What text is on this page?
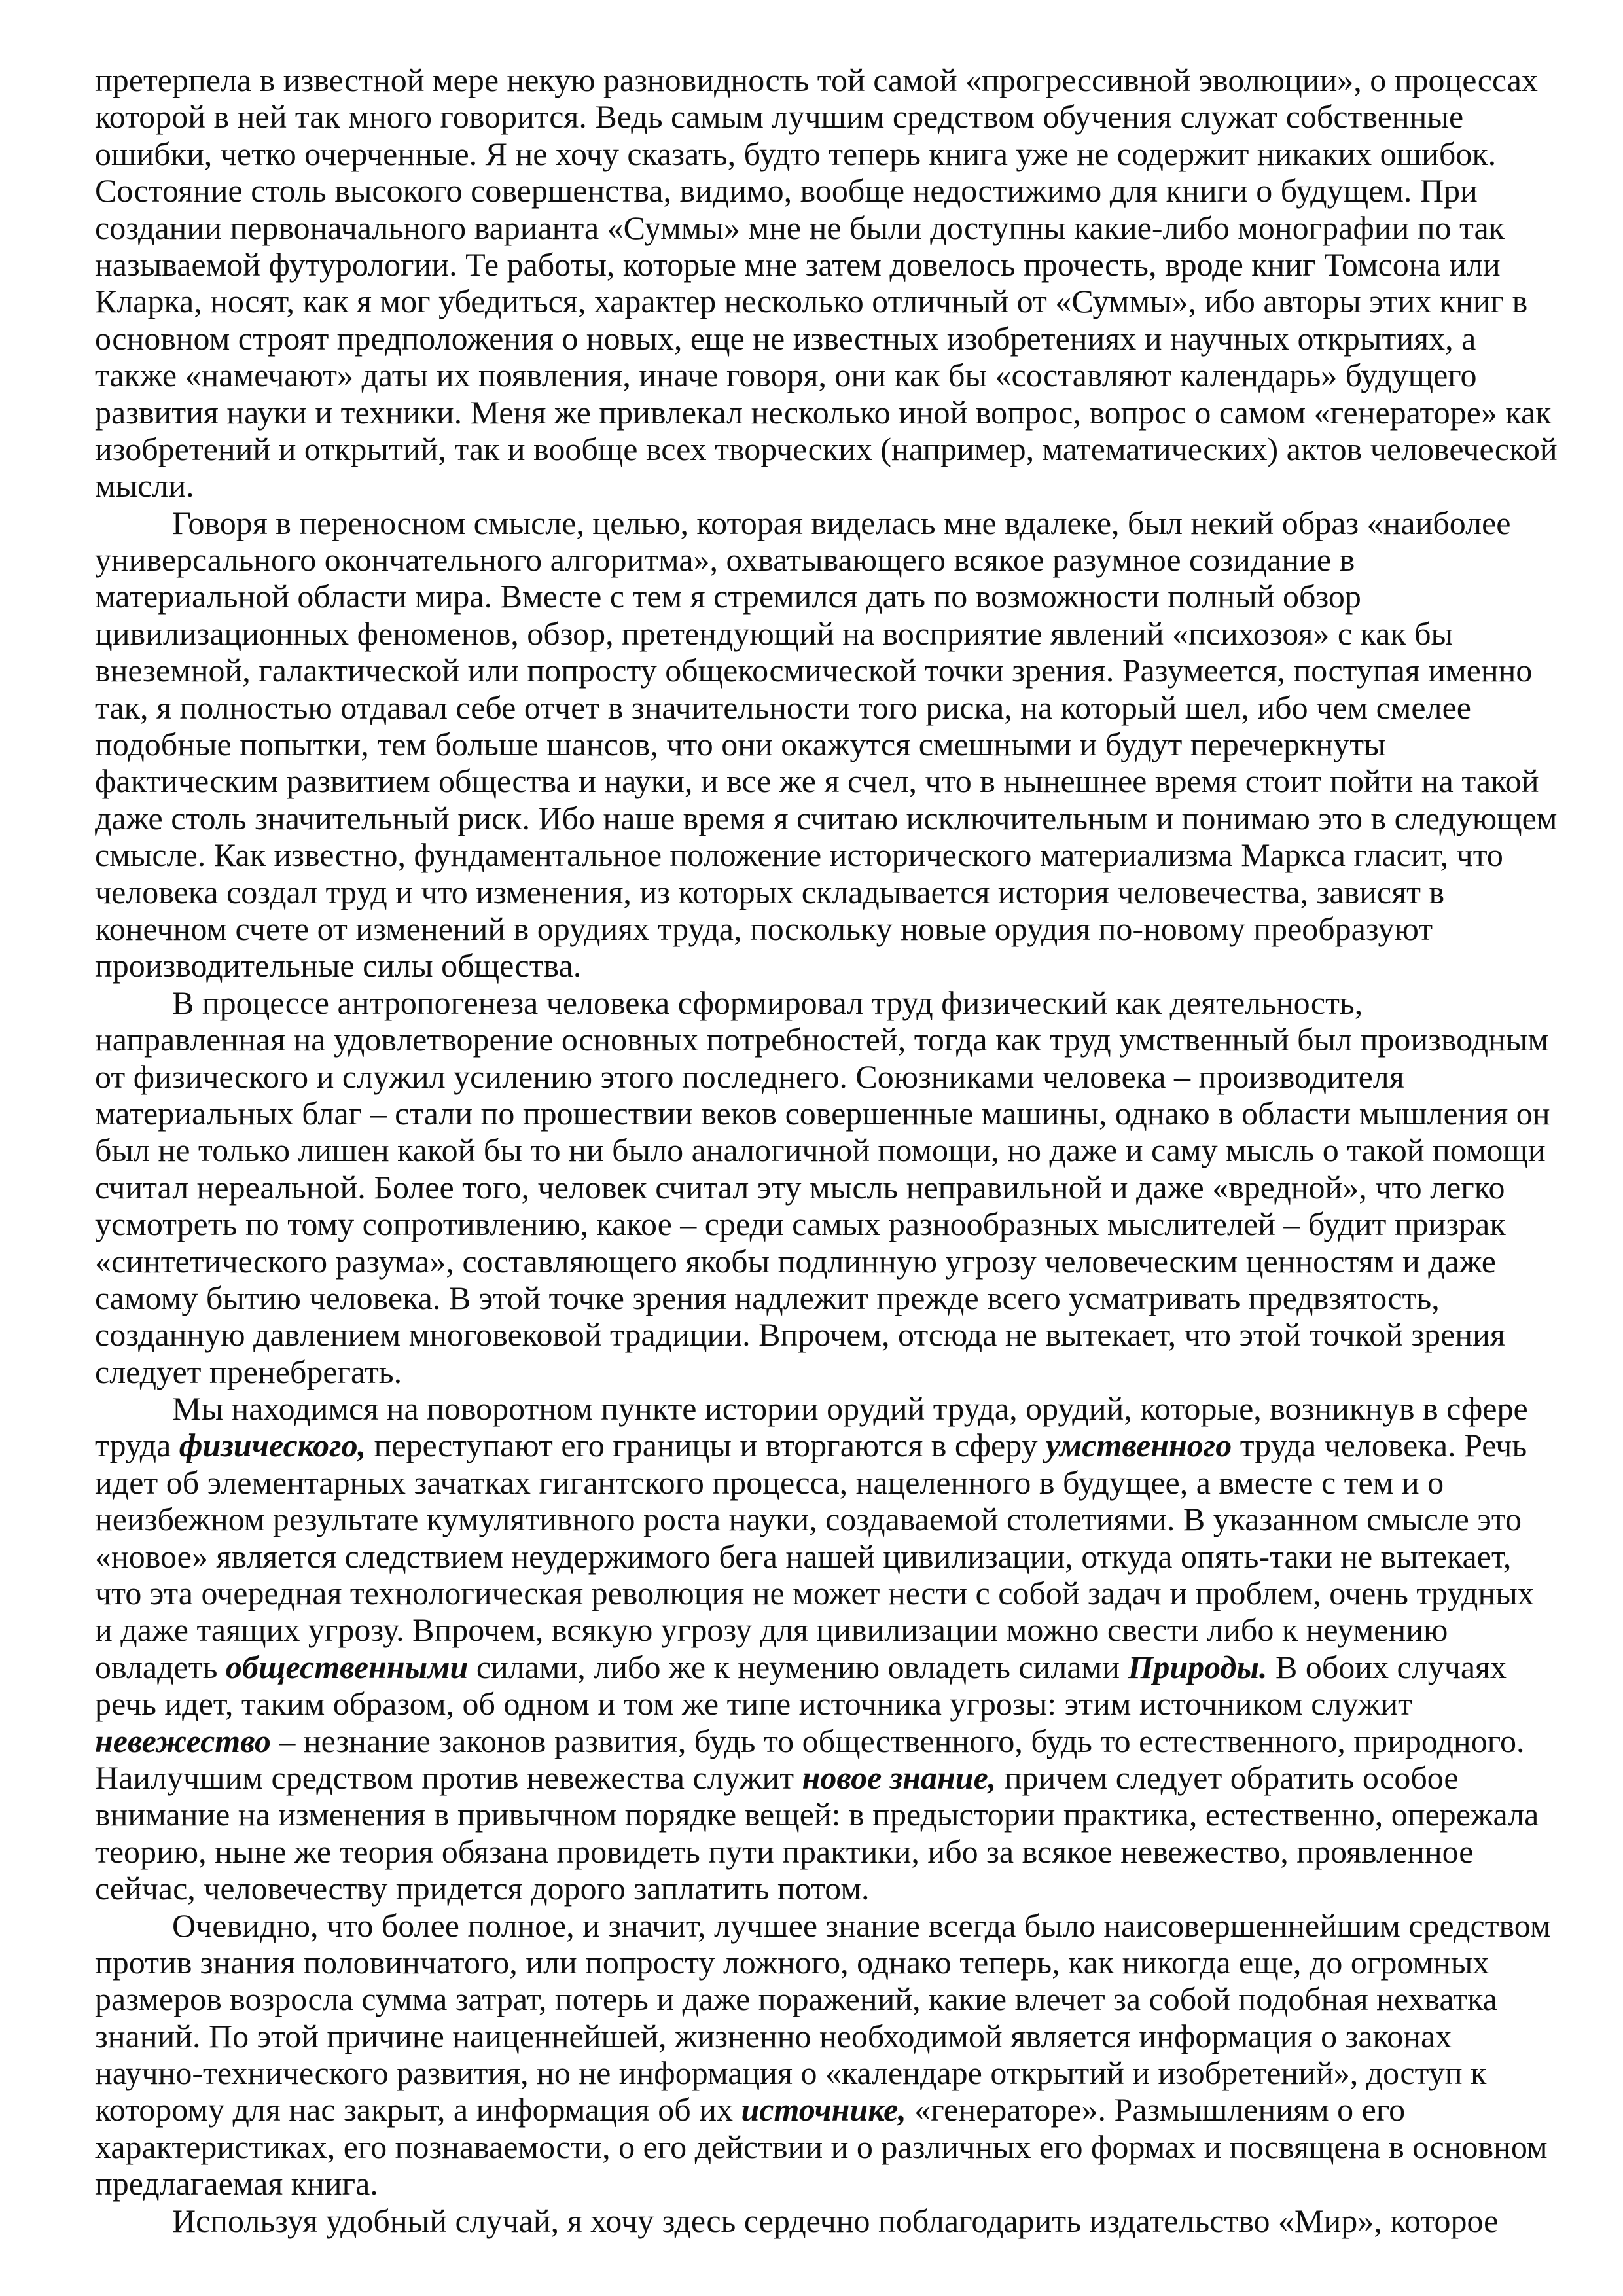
претерпела в известной мере некую разновидность той самой «прогрессивной эволюции», о процессах
которой в ней так много говорится. Ведь самым лучшим средством обучения служат собственные
ошибки, четко очерченные. Я не хочу сказать, будто теперь книга уже не содержит никаких ошибок.
Состояние столь высокого совершенства, видимо, вообще недостижимо для книги о будущем. При
создании первоначального варианта «Суммы» мне не были доступны какие-либо монографии по так
называемой футурологии. Те работы, которые мне затем довелось прочесть, вроде книг Томсона или
Кларка, носят, как я мог убедиться, характер несколько отличный от «Суммы», ибо авторы этих книг в
основном строят предположения о новых, еще не известных изобретениях и научных открытиях, а
также «намечают» даты их появления, иначе говоря, они как бы «составляют календарь» будущего
развития науки и техники. Меня же привлекал несколько иной вопрос, вопрос о самом «генераторе» как
изобретений и открытий, так и вообще всех творческих (например, математических) актов человеческой
мысли.
Говоря в переносном смысле, целью, которая виделась мне вдалеке, был некий образ «наиболее
универсального окончательного алгоритма», охватывающего всякое разумное созидание в
материальной области мира. Вместе с тем я стремился дать по возможности полный обзор
цивилизационных феноменов, обзор, претендующий на восприятие явлений «психозоя» с как бы
внеземной, галактической или попросту общекосмической точки зрения. Разумеется, поступая именно
так, я полностью отдавал себе отчет в значительности того риска, на который шел, ибо чем смелее
подобные попытки, тем больше шансов, что они окажутся смешными и будут перечеркнуты
фактическим развитием общества и науки, и все же я счел, что в нынешнее время стоит пойти на такой
даже столь значительный риск. Ибо наше время я считаю исключительным и понимаю это в следующем
смысле. Как известно, фундаментальное положение исторического материализма Маркса гласит, что
человека создал труд и что изменения, из которых складывается история человечества, зависят в
конечном счете от изменений в орудиях труда, поскольку новые орудия по-новому преобразуют
производительные силы общества.
В процессе антропогенеза человека сформировал труд физический как деятельность,
направленная на удовлетворение основных потребностей, тогда как труд умственный был производным
от физического и служил усилению этого последнего. Союзниками человека – производителя
материальных благ – стали по прошествии веков совершенные машины, однако в области мышления он
был не только лишен какой бы то ни было аналогичной помощи, но даже и саму мысль о такой помощи
считал нереальной. Более того, человек считал эту мысль неправильной и даже «вредной», что легко
усмотреть по тому сопротивлению, какое – среди самых разнообразных мыслителей – будит призрак
«синтетического разума», составляющего якобы подлинную угрозу человеческим ценностям и даже
самому бытию человека. В этой точке зрения надлежит прежде всего усматривать предвзятость,
созданную давлением многовековой традиции. Впрочем, отсюда не вытекает, что этой точкой зрения
следует пренебрегать.
Мы находимся на поворотном пункте истории орудий труда, орудий, которые, возникнув в сфере
труда физического, переступают его границы и вторгаются в сферу умственного труда человека. Речь
идет об элементарных зачатках гигантского процесса, нацеленного в будущее, а вместе с тем и о
неизбежном результате кумулятивного роста науки, создаваемой столетиями. В указанном смысле это
«новое» является следствием неудержимого бега нашей цивилизации, откуда опять-таки не вытекает,
что эта очередная технологическая революция не может нести с собой задач и проблем, очень трудных
и даже таящих угрозу. Впрочем, всякую угрозу для цивилизации можно свести либо к неумению
овладеть общественными силами, либо же к неумению овладеть силами Природы. В обоих случаях
речь идет, таким образом, об одном и том же типе источника угрозы: этим источником служит
невежество – незнание законов развития, будь то общественного, будь то естественного, природного.
Наилучшим средством против невежества служит новое знание, причем следует обратить особое
внимание на изменения в привычном порядке вещей: в предыстории практика, естественно, опережала
теорию, ныне же теория обязана провидеть пути практики, ибо за всякое невежество, проявленное
сейчас, человечеству придется дорого заплатить потом.
Очевидно, что более полное, и значит, лучшее знание всегда было наисовершеннейшим средством
против знания половинчатого, или попросту ложного, однако теперь, как никогда еще, до огромных
размеров возросла сумма затрат, потерь и даже поражений, какие влечет за собой подобная нехватка
знаний. По этой причине наиценнейшей, жизненно необходимой является информация о законах
научно-технического развития, но не информация о «календаре открытий и изобретений», доступ к
которому для нас закрыт, а информация об их источнике, «генераторе». Размышлениям о его
характеристиках, его познаваемости, о его действии и о различных его формах и посвящена в основном
предлагаемая книга.
Используя удобный случай, я хочу здесь сердечно поблагодарить издательство «Мир», которое
